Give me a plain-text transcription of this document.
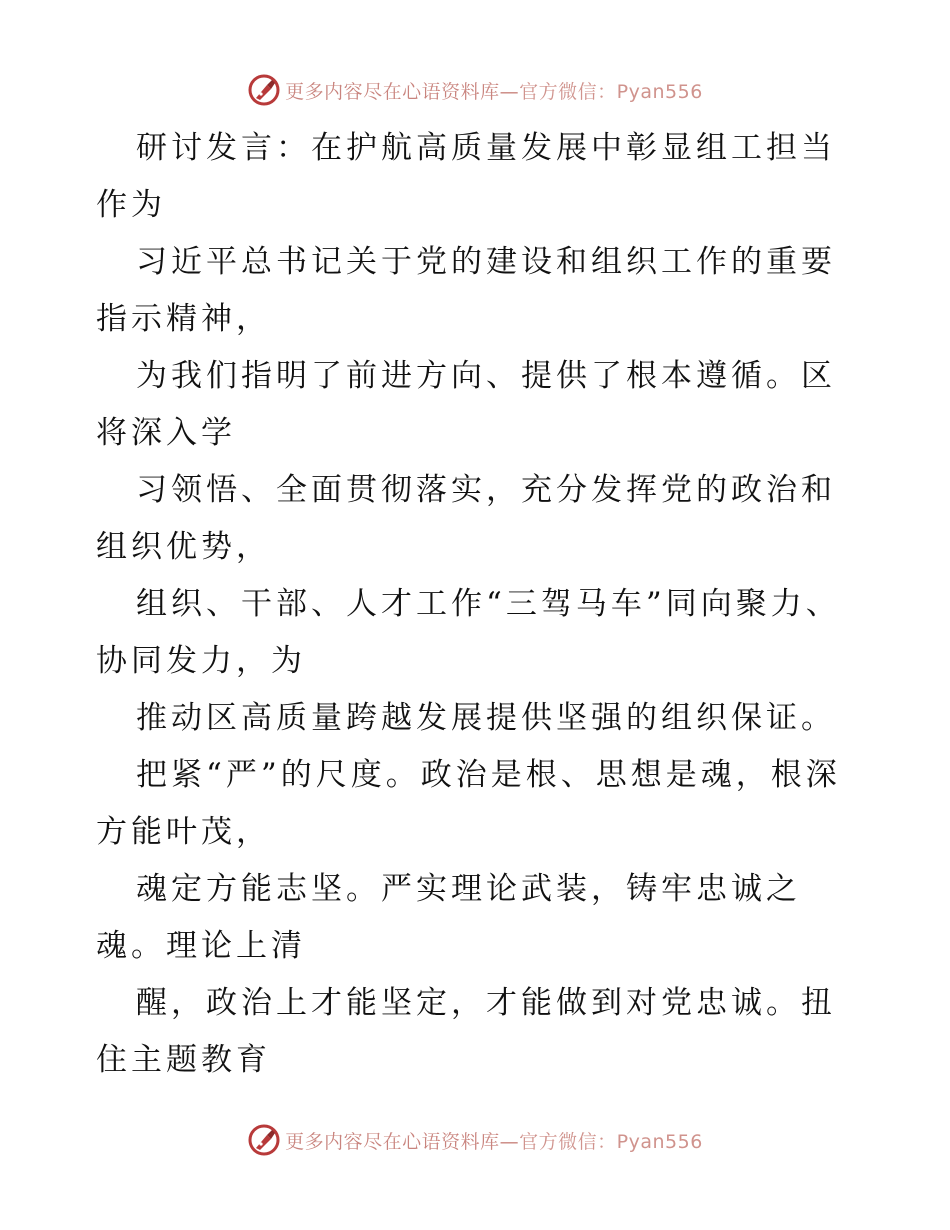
更多内容尽在心语资料库—官方微信：Pyan556

研讨发言：在护航高质量发展中彰显组工担当作为

习近平总书记关于党的建设和组织工作的重要指示精神，

为我们指明了前进方向、提供了根本遵循。区将深入学

习领悟、全面贯彻落实，充分发挥党的政治和组织优势，

组织、干部、人才工作“三驾马车”同向聚力、协同发力，为

推动区高质量跨越发展提供坚强的组织保证。

把紧“严”的尺度。政治是根、思想是魂，根深方能叶茂，

魂定方能志坚。严实理论武装，铸牢忠诚之魂。理论上清

醒，政治上才能坚定，才能做到对党忠诚。扭住主题教育

更多内容尽在心语资料库—官方微信：Pyan556
